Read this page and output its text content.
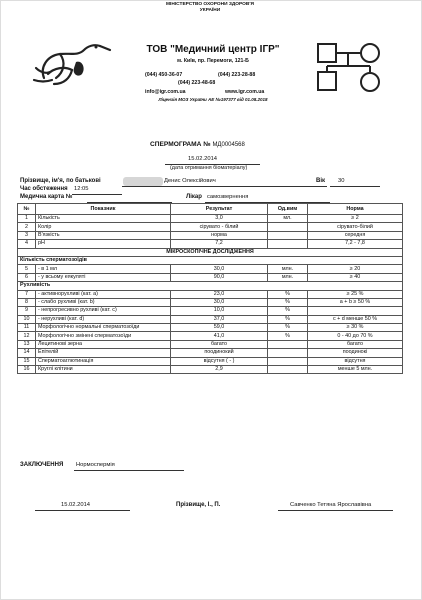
МІНІСТЕРСТВО ОХОРОНИ ЗДОРОВ'Я
УКРАЇНИ
ТОВ "Медичний центр ІГР"
м. Київ, пр. Перемоги, 121-Б
(044) 450-36-07	(044) 223-28-88
(044) 223-48-68
info@igr.com.ua	www.igr.com.ua
Ліцензія МОЗ України АЕ №197377 від 01.08.2018
СПЕРМОГРАМА № МД0004568
15.02.2014
(дата отримання біоматеріалу)
Прізвище, ім'я, по батькові	Денис Олексійович	Вік 30
Медична карта №	Лікар самозвернення
Час обстеження 12:05
№	Показник	Результат	Од.вим	Норма
1	Кількість	3,0	мл.	≥ 2
2	Колір	сірувато - білий		сірувато-білий
3	В'язкість	норма		середня
4	pH	7,2		7,2 - 7,8
МІКРОСКОПІЧНЕ ДОСЛІДЖЕННЯ				
Кількість сперматозоїдів				
5	- в 1 мл	30,0	млн.	≥ 20
6	- у всьому еякуляті	90,0	млн.	≥ 40
Рухливість				
7	- активнорухливі (кат. а)	23,0	%	≥ 25 %
8	- слабо рухливі (кат. b)	30,0	%	a + b ≥ 50 %
9	- непрогресивно рухливі (кат. c)	10,0	%	
10	- нерухливі (кат. d)	37,0	%	c + d менше 50 %
11	Морфологічно нормальні сперматозоїди	59,0	%	≥ 30 %
12	Морфологічно змінені сперматозоїди	41,0	%	0 - 40 до 70 %
13	Лецитинові зерна	багато		багато
14	Епітелій	поодинокий		поодинокі
15	Сперматоаглютинація	відсутня ( - )		відсутня
16	Круглі клітини	2,9		менше 5 млн.
ЗАКЛЮЧЕННЯ Нормоспермія
15.02.2014	Прізвище, І., П.	Савченко Тетяна Ярославівна
